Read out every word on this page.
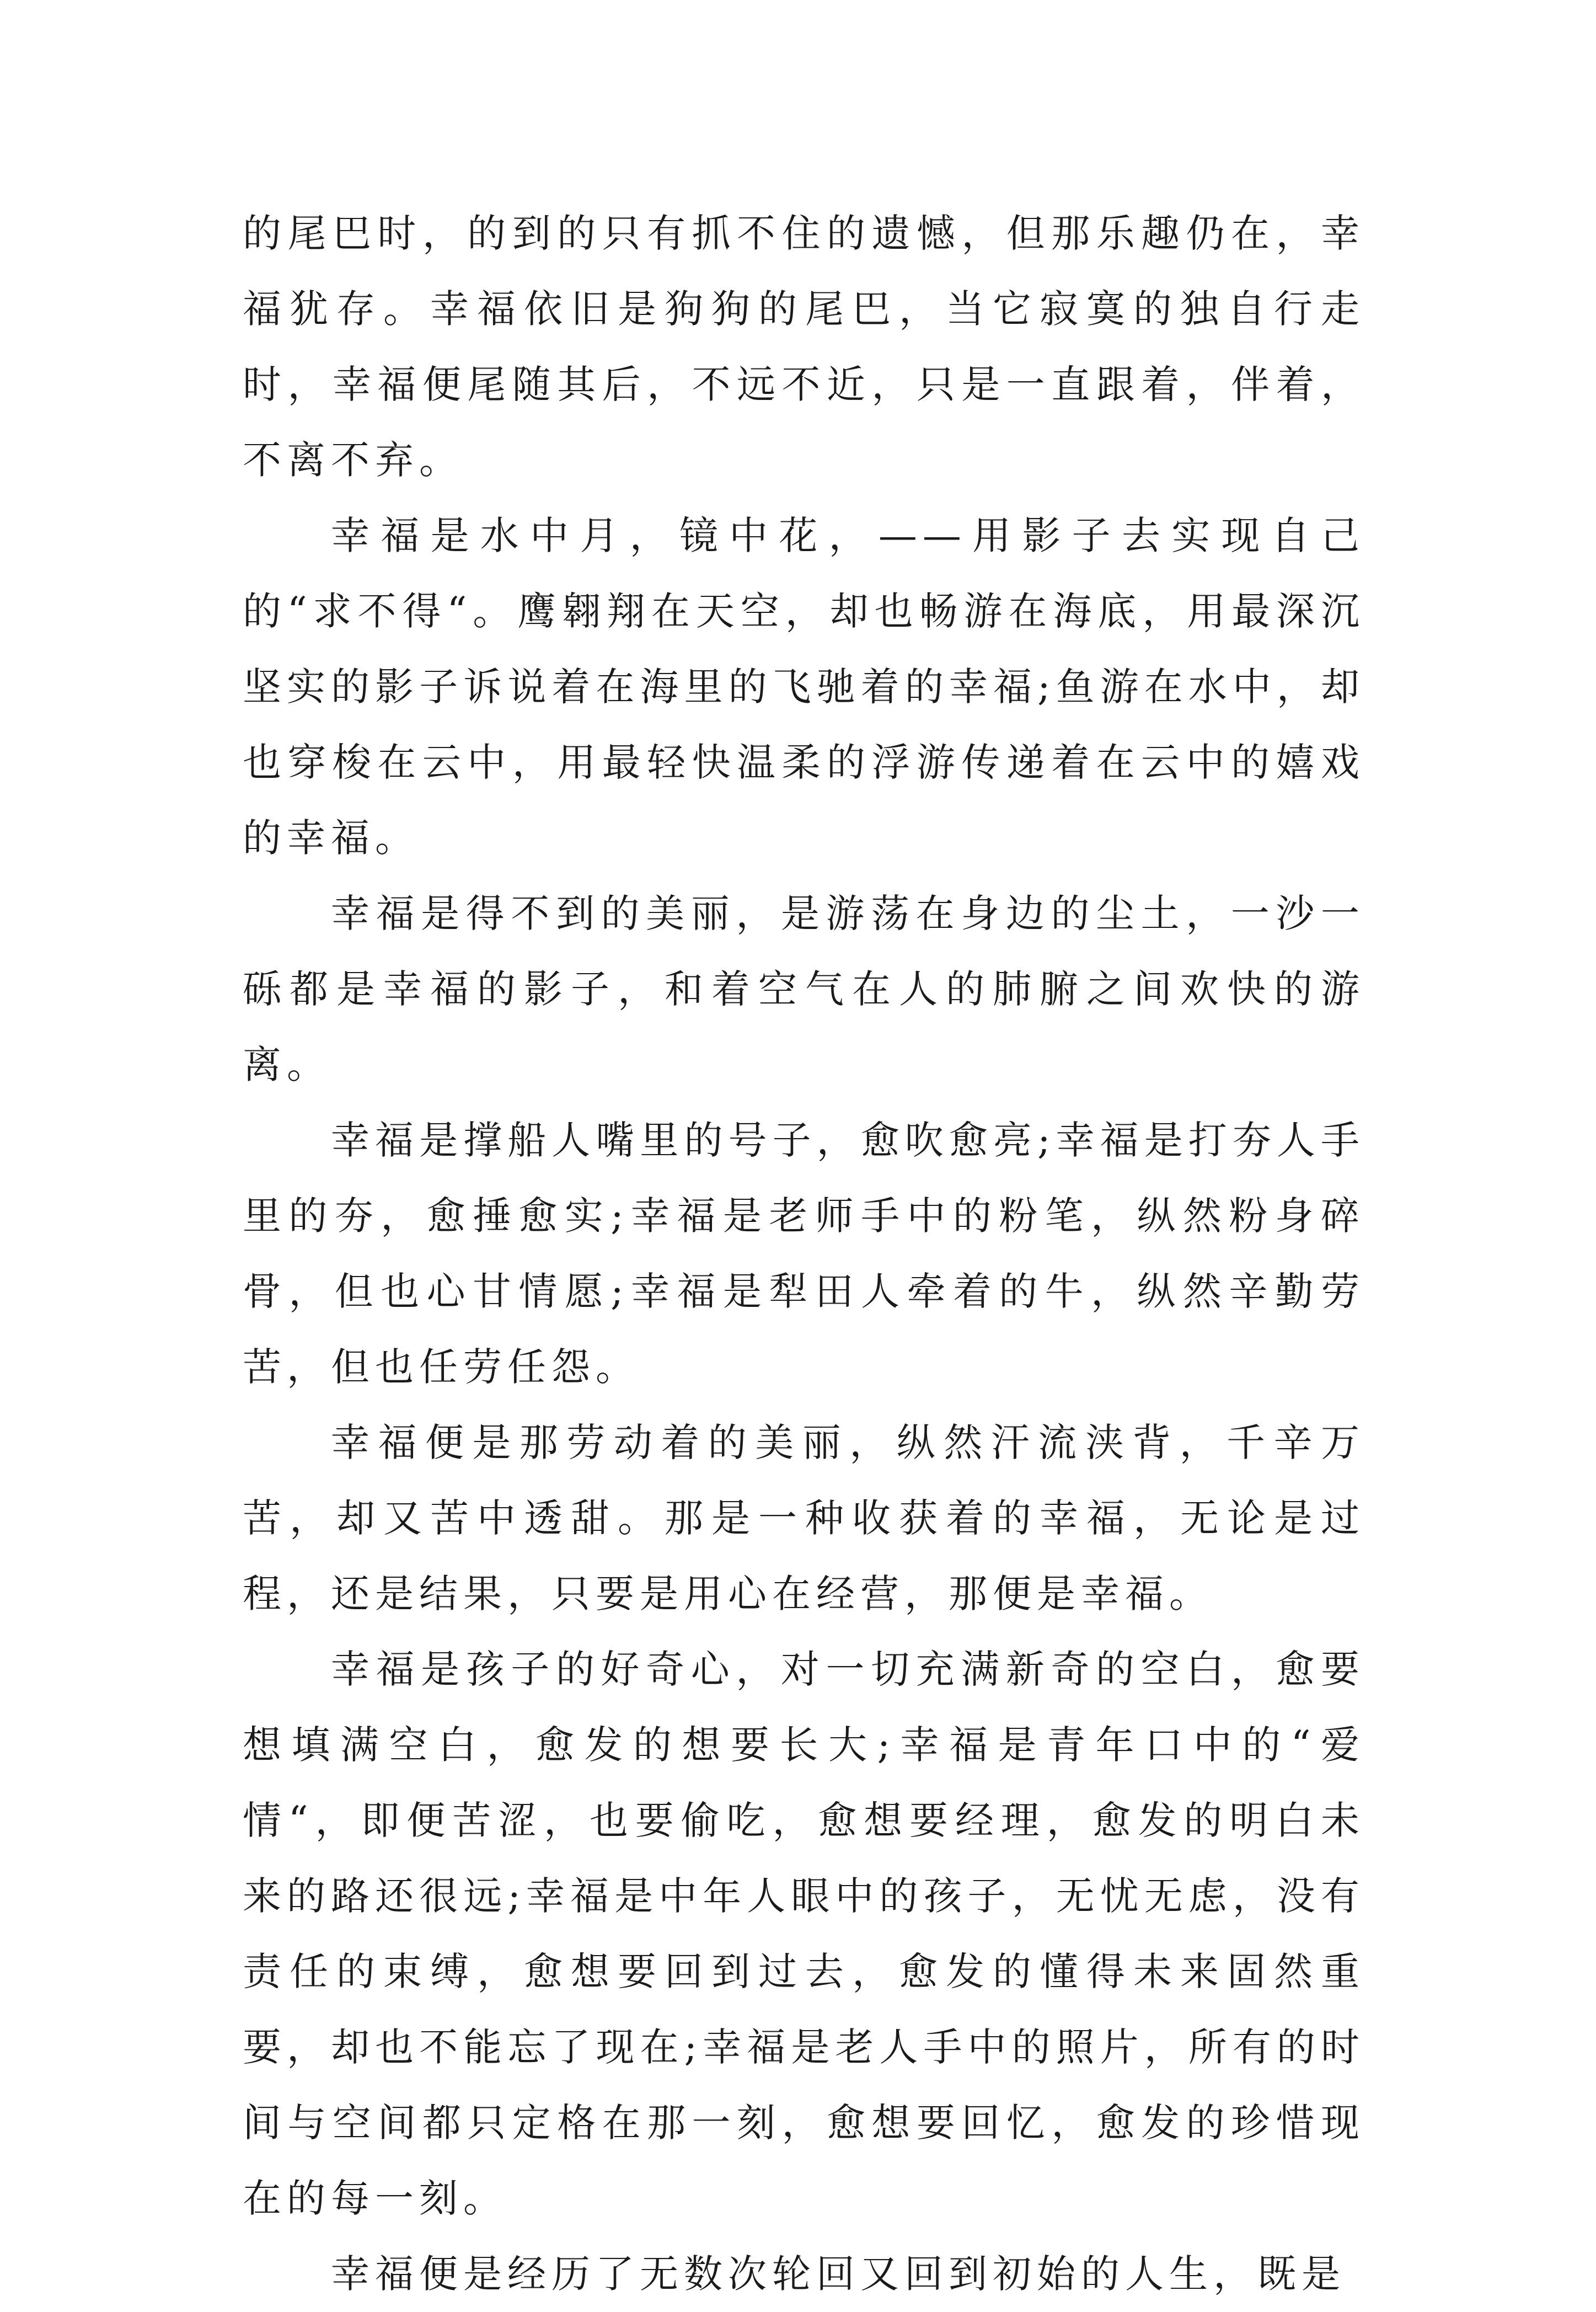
的尾巴时，的到的只有抓不住的遗憾，但那乐趣仍在，幸福犹存。幸福依旧是狗狗的尾巴，当它寂寞的独自行走时，幸福便尾随其后，不远不近，只是一直跟着，伴着，不离不弃。

幸福是水中月，镜中花，——用影子去实现自己的“求不得“。鹰翱翔在天空，却也畅游在海底，用最深沉坚实的影子诉说着在海里的飞驰着的幸福;鱼游在水中，却也穿梭在云中，用最轻快温柔的浮游传递着在云中的嬉戏的幸福。

幸福是得不到的美丽，是游荡在身边的尘土，一沙一砾都是幸福的影子，和着空气在人的肺腑之间欢快的游离。

幸福是撑船人嘴里的号子，愈吹愈亮;幸福是打夯人手里的夯，愈捶愈实;幸福是老师手中的粉笔，纵然粉身碎骨，但也心甘情愿;幸福是犁田人牵着的牛，纵然辛勤劳苦，但也任劳任怨。

幸福便是那劳动着的美丽，纵然汗流浃背，千辛万苦，却又苦中透甜。那是一种收获着的幸福，无论是过程，还是结果，只要是用心在经营，那便是幸福。

幸福是孩子的好奇心，对一切充满新奇的空白，愈要想填满空白，愈发的想要长大;幸福是青年口中的“爱情“，即便苦涩，也要偷吃，愈想要经理，愈发的明白未来的路还很远;幸福是中年人眼中的孩子，无忧无虑，没有责任的束缚，愈想要回到过去，愈发的懂得未来固然重要，却也不能忘了现在;幸福是老人手中的照片，所有的时间与空间都只定格在那一刻，愈想要回忆，愈发的珍惜现在的每一刻。

幸福便是经历了无数次轮回又回到初始的人生，既是
